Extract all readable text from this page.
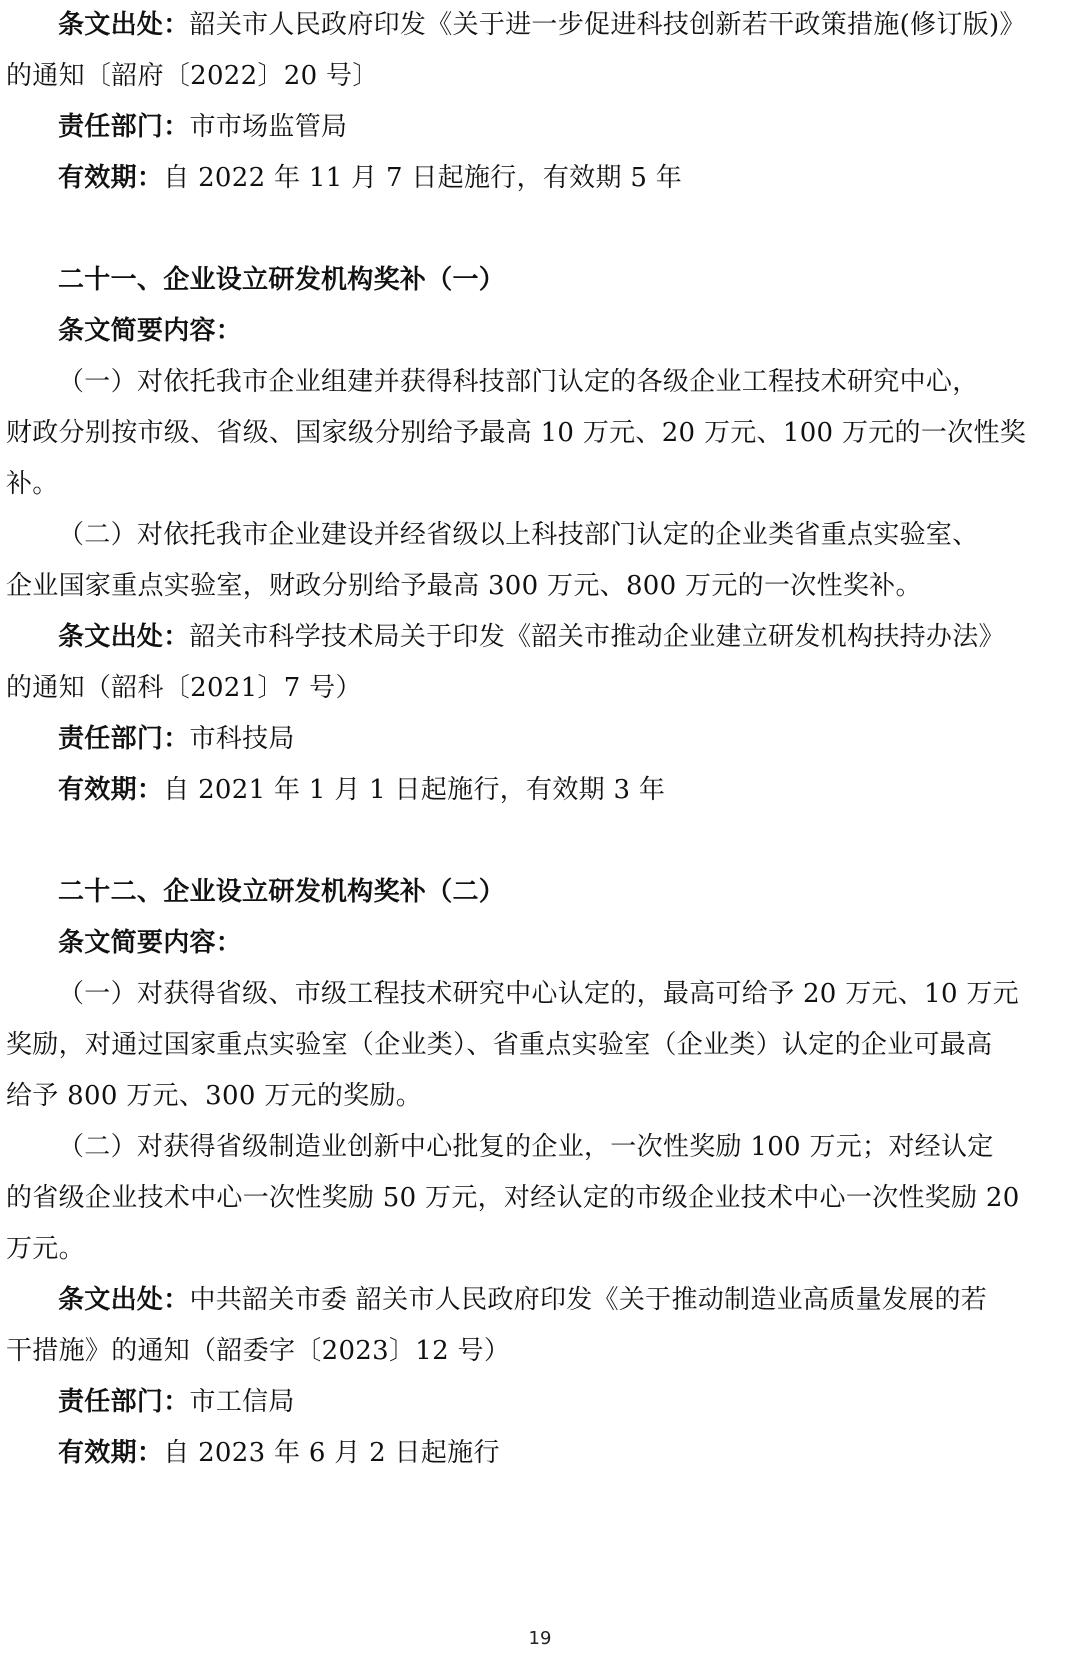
条文出处：韶关市人民政府印发《关于进一步促进科技创新若干政策措施(修订版)》
的通知〔韶府〔2022〕20 号〕
责任部门：市市场监管局
有效期：自 2022 年 11 月 7 日起施行，有效期 5 年
二十一、企业设立研发机构奖补（一）
条文简要内容：
（一）对依托我市企业组建并获得科技部门认定的各级企业工程技术研究中心，
财政分别按市级、省级、国家级分别给予最高 10 万元、20 万元、100 万元的一次性奖
补。
（二）对依托我市企业建设并经省级以上科技部门认定的企业类省重点实验室、
企业国家重点实验室，财政分别给予最高 300 万元、800 万元的一次性奖补。
条文出处：韶关市科学技术局关于印发《韶关市推动企业建立研发机构扶持办法》
的通知（韶科〔2021〕7 号）
责任部门：市科技局
有效期：自 2021 年 1 月 1 日起施行，有效期 3 年
二十二、企业设立研发机构奖补（二）
条文简要内容：
（一）对获得省级、市级工程技术研究中心认定的，最高可给予 20 万元、10 万元
奖励，对通过国家重点实验室（企业类）、省重点实验室（企业类）认定的企业可最高
给予 800 万元、300 万元的奖励。
（二）对获得省级制造业创新中心批复的企业，一次性奖励 100 万元；对经认定
的省级企业技术中心一次性奖励 50 万元，对经认定的市级企业技术中心一次性奖励 20
万元。
条文出处：中共韶关市委 韶关市人民政府印发《关于推动制造业高质量发展的若
干措施》的通知（韶委字〔2023〕12 号）
责任部门：市工信局
有效期：自 2023 年 6 月 2 日起施行
19
